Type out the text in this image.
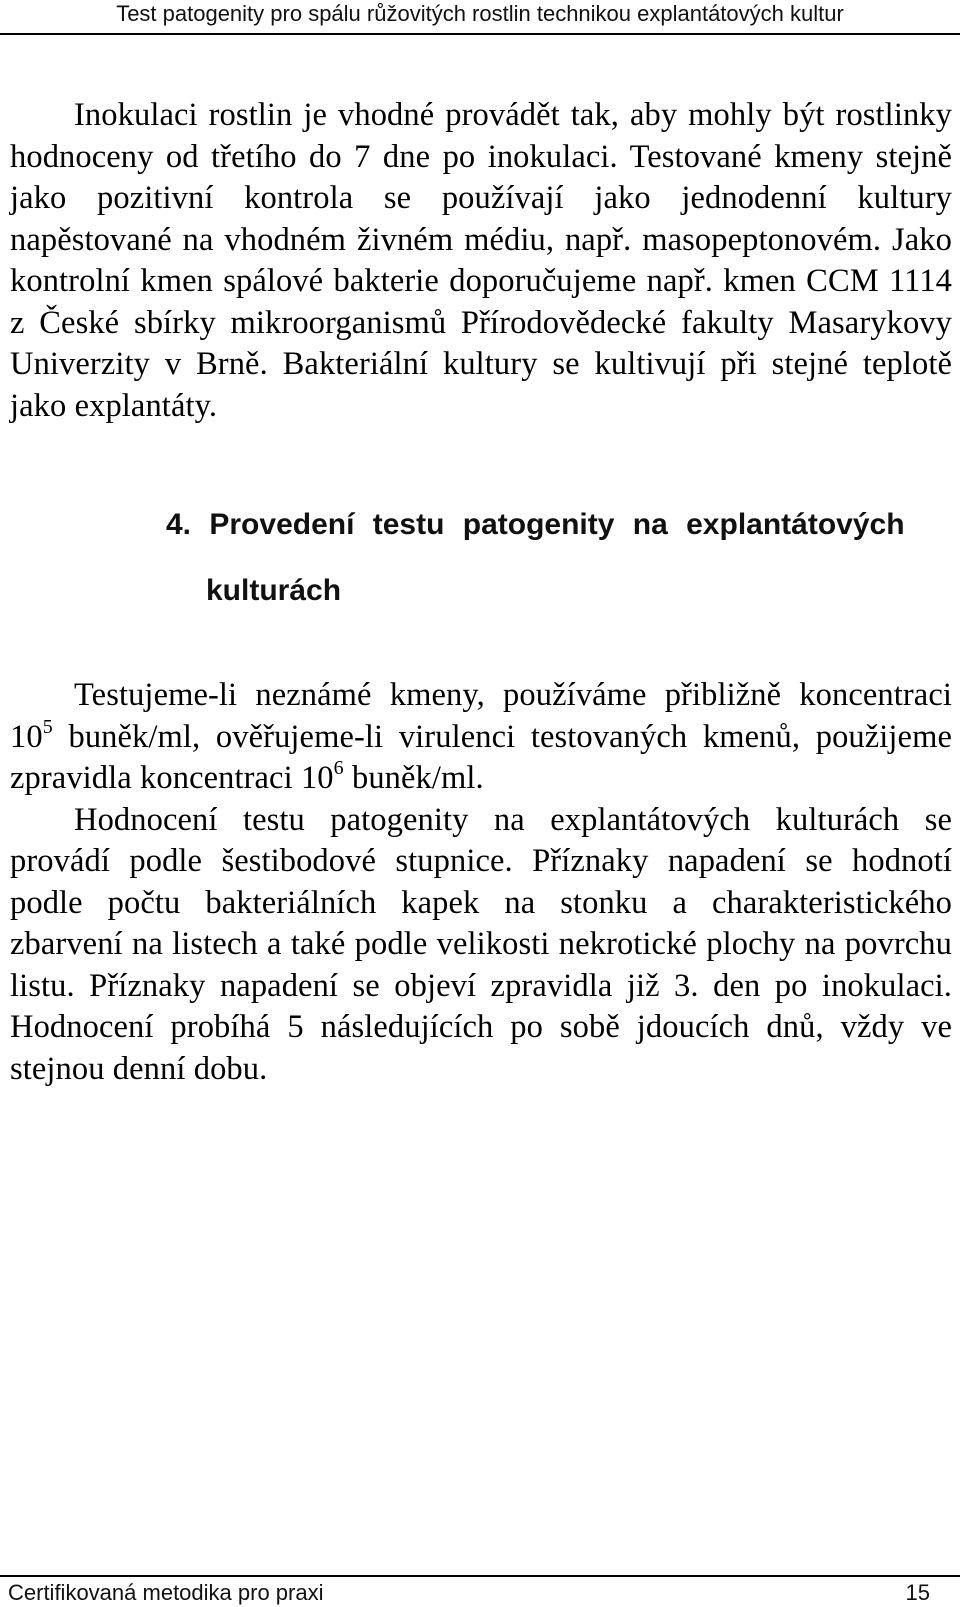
Test patogenity pro spálu růžovitých rostlin technikou explantátových kultur
Inokulaci rostlin je vhodné provádět tak, aby mohly být rostlinky hodnoceny od třetího do 7 dne po inokulaci. Testované kmeny stejně jako pozitivní kontrola se používají jako jednodenní kultury napěstované na vhodném živném médiu, např. masopeptonovém. Jako kontrolní kmen spálové bakterie doporučujeme např. kmen CCM 1114 z České sbírky mikroorganismů Přírodovědecké fakulty Masarykovy Univerzity v Brně. Bakteriální kultury se kultivují při stejné teplotě jako explantáty.
4. Provedení testu patogenity na explantátových
kulturách
Testujeme-li neznámé kmeny, používáme přibližně koncentraci $10^5$ buněk/ml, ověřujeme-li virulenci testovaných kmenů, použijeme zpravidla koncentraci $10^6$ buněk/ml.
Hodnocení testu patogenity na explantátových kulturách se provádí podle šestibodové stupnice. Příznaky napadení se hodnotí podle počtu bakteriálních kapek na stonku a charakteristického zbarvení na listech a také podle velikosti nekrotické plochy na povrchu listu. Příznaky napadení se objeví zpravidla již 3. den po inokulaci. Hodnocení probíhá 5 následujících po sobě jdoucích dnů, vždy ve stejnou denní dobu.
Certifikovaná metodika pro praxi	15
